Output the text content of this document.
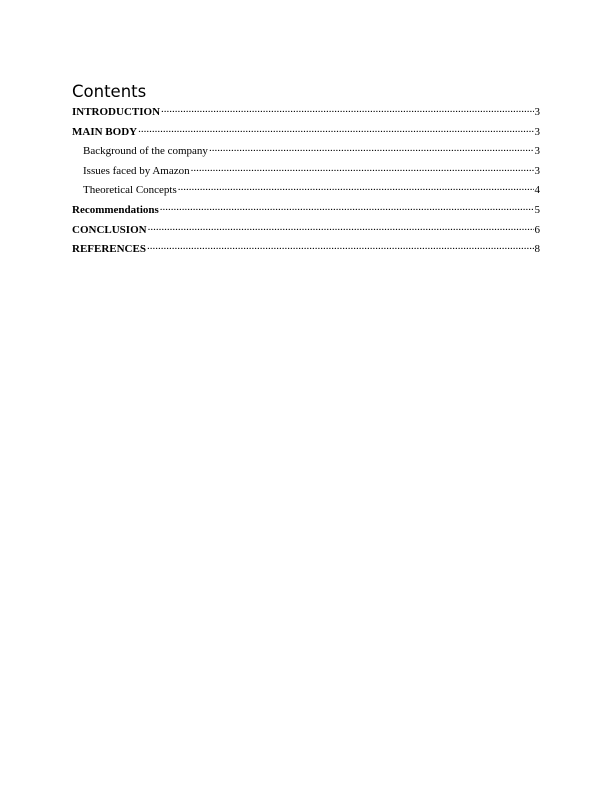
Contents
INTRODUCTION .....	3
MAIN BODY .....	3
Background of the company .....	3
Issues faced by Amazon .....	3
Theoretical Concepts .....	4
Recommendations .....	5
CONCLUSION .....	6
REFERENCES .....	8
